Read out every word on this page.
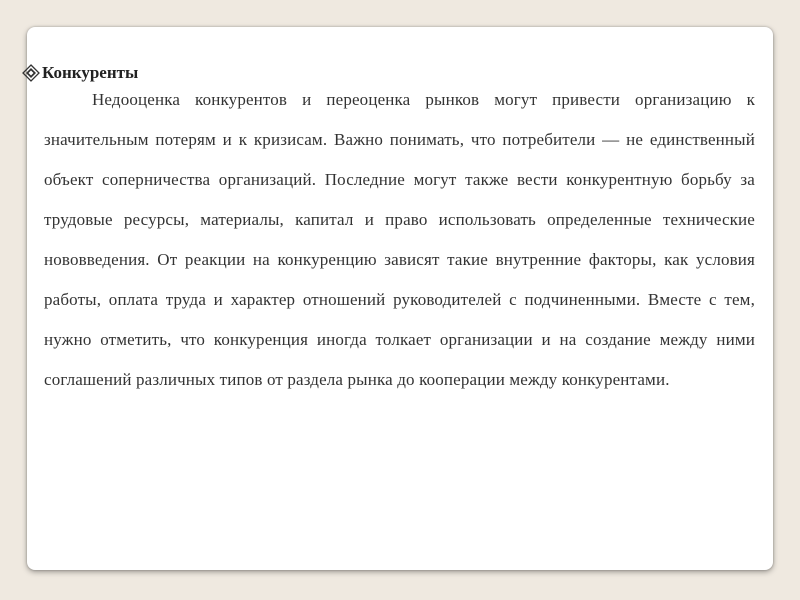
Конкуренты

Недооценка конкурентов и переоценка рынков могут привести организацию к значительным потерям и к кризисам. Важно понимать, что потребители — не единственный объект соперничества организаций. Последние могут также вести конкурентную борьбу за трудовые ресурсы, материалы, капитал и право использовать определенные технические нововведения. От реакции на конкуренцию зависят такие внутренние факторы, как условия работы, оплата труда и характер отношений руководителей с подчиненными. Вместе с тем, нужно отметить, что конкуренция иногда толкает организации и на создание между ними соглашений различных типов от раздела рынка до кооперации между конкурентами.
